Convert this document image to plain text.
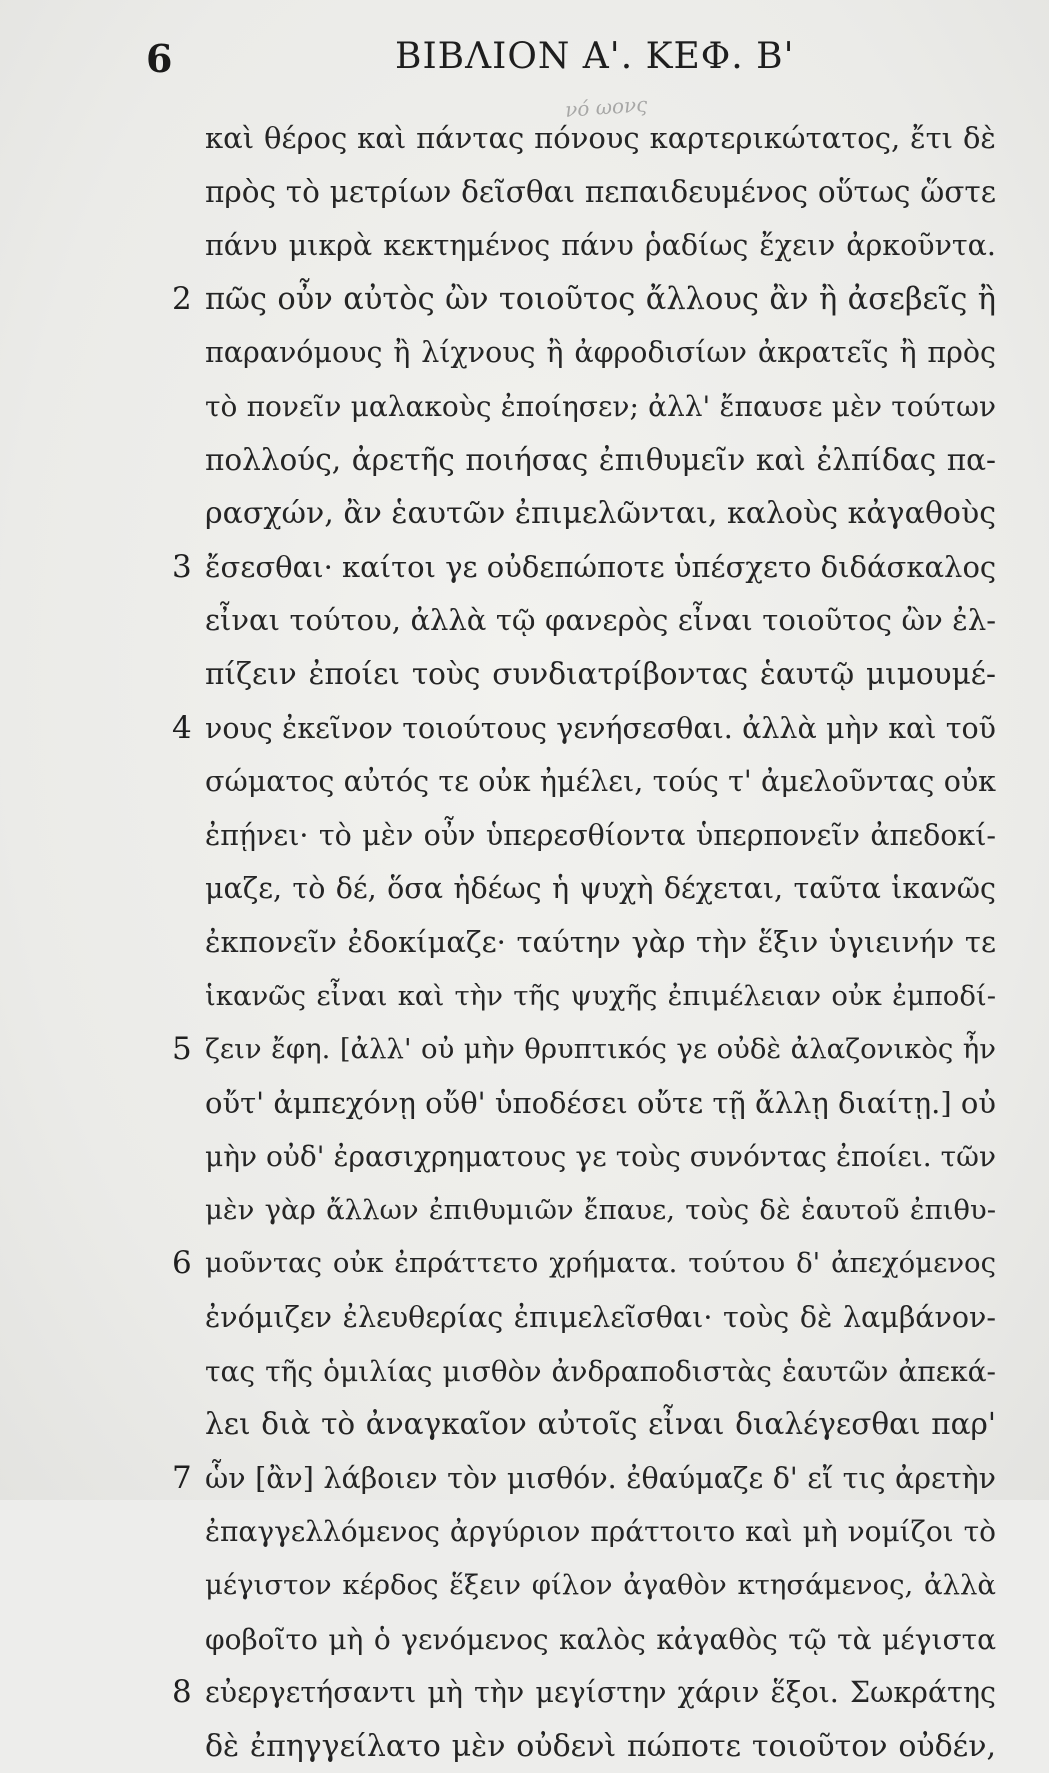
6	ΒΙΒΛΙΟΝ Α'. ΚΕΦ. Β'
νό ωονς
καὶ θέρος καὶ πάντας πόνους καρτερικώτατος, ἔτι δὲ
πρὸς τὸ μετρίων δεῖσθαι πεπαιδευμένος οὕτως ὥστε
πάνυ μικρὰ κεκτημένος πάνυ ῥαδίως ἔχειν ἀρκοῦντα.
2 πῶς οὖν αὐτὸς ὢν τοιοῦτος ἄλλους ἂν ἢ ἀσεβεῖς ἢ
παρανόμους ἢ λίχνους ἢ ἀφροδισίων ἀκρατεῖς ἢ πρὸς
τὸ πονεῖν μαλακοὺς ἐποίησεν; ἀλλ' ἔπαυσε μὲν τούτων
πολλούς, ἀρετῆς ποιήσας ἐπιθυμεῖν καὶ ἐλπίδας πα-
ρασχών, ἂν ἑαυτῶν ἐπιμελῶνται, καλοὺς κἀγαθοὺς
3 ἔσεσθαι· καίτοι γε οὐδεπώποτε ὑπέσχετο διδάσκαλος
εἶναι τούτου, ἀλλὰ τῷ φανερὸς εἶναι τοιοῦτος ὢν ἐλ-
πίζειν ἐποίει τοὺς συνδιατρίβοντας ἑαυτῷ μιμουμέ-
4 νους ἐκεῖνον τοιούτους γενήσεσθαι. ἀλλὰ μὴν καὶ τοῦ
σώματος αὐτός τε οὐκ ἠμέλει, τούς τ' ἀμελοῦντας οὐκ
ἐπῄνει· τὸ μὲν οὖν ὑπερεσθίοντα ὑπερπονεῖν ἀπεδοκί-
μαζε, τὸ δέ, ὅσα ἡδέως ἡ ψυχὴ δέχεται, ταῦτα ἱκανῶς
ἐκπονεῖν ἐδοκίμαζε· ταύτην γὰρ τὴν ἕξιν ὑγιεινήν τε
ἱκανῶς εἶναι καὶ τὴν τῆς ψυχῆς ἐπιμέλειαν οὐκ ἐμποδί-
5 ζειν ἔφη. [ἀλλ' οὐ μὴν θρυπτικός γε οὐδὲ ἀλαζονικὸς ἦν
οὔτ' ἀμπεχόνῃ οὔθ' ὑποδέσει οὔτε τῇ ἄλλῃ διαίτῃ.] οὐ
μὴν οὐδ' ἐρασιχρηματους γε τοὺς συνόντας ἐποίει. τῶν
μὲν γὰρ ἄλλων ἐπιθυμιῶν ἔπαυε, τοὺς δὲ ἑαυτοῦ ἐπιθυ-
6 μοῦντας οὐκ ἐπράττετο χρήματα. τούτου δ' ἀπεχόμενος
ἐνόμιζεν ἐλευθερίας ἐπιμελεῖσθαι· τοὺς δὲ λαμβάνον-
τας τῆς ὁμιλίας μισθὸν ἀνδραποδιστὰς ἑαυτῶν ἀπεκά-
λει διὰ τὸ ἀναγκαῖον αὐτοῖς εἶναι διαλέγεσθαι παρ'
7 ὧν [ἂν] λάβοιεν τὸν μισθόν. ἐθαύμαζε δ' εἴ τις ἀρετὴν
ἐπαγγελλόμενος ἀργύριον πράττοιτο καὶ μὴ νομίζοι τὸ
μέγιστον κέρδος ἕξειν φίλον ἀγαθὸν κτησάμενος, ἀλλὰ
φοβοῖτο μὴ ὁ γενόμενος καλὸς κἀγαθὸς τῷ τὰ μέγιστα
8 εὐεργετήσαντι μὴ τὴν μεγίστην χάριν ἕξοι. Σωκράτης
δὲ ἐπηγγείλατο μὲν οὐδενὶ πώποτε τοιοῦτον οὐδέν,
